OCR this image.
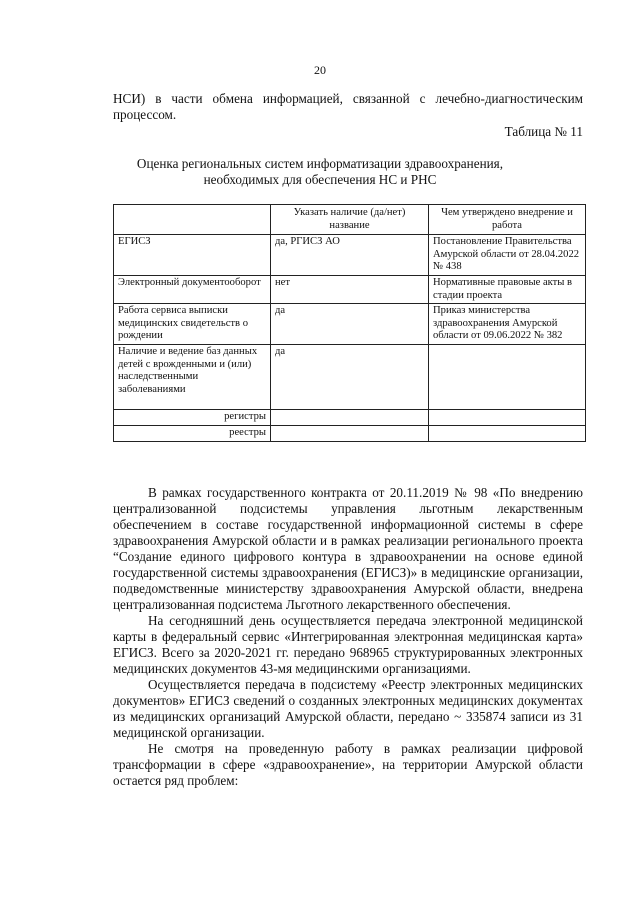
20
НСИ) в части обмена информацией, связанной с лечебно-диагностическим процессом.
Таблица № 11
Оценка региональных систем информатизации здравоохранения,
необходимых для обеспечения НС и РНС
	Указать наличие (да/нет) название	Чем утверждено внедрение и работа
ЕГИСЗ	да, РГИСЗ АО	Постановление Правительства Амурской области от 28.04.2022 № 438
Электронный документооборот	нет	Нормативные правовые акты в стадии проекта
Работа сервиса выписки медицинских свидетельств о рождении	да	Приказ министерства здравоохранения Амурской области от 09.06.2022 № 382
Наличие и ведение баз данных детей с врожденными и (или) наследственными заболеваниями	да	
регистры		
реестры		

В рамках государственного контракта от 20.11.2019 № 98 «По внедрению централизованной подсистемы управления льготным лекарственным обеспечением в составе государственной информационной системы в сфере здравоохранения Амурской области и в рамках реализации регионального проекта “Создание единого цифрового контура в здравоохранении на основе единой государственной системы здравоохранения (ЕГИСЗ)» в медицинские организации, подведомственные министерству здравоохранения Амурской области, внедрена централизованная подсистема Льготного лекарственного обеспечения.

На сегодняшний день осуществляется передача электронной медицинской карты в федеральный сервис «Интегрированная электронная медицинская карта» ЕГИСЗ. Всего за 2020-2021 гг. передано 968965 структурированных электронных медицинских документов 43-мя медицинскими организациями.

Осуществляется передача в подсистему «Реестр электронных медицинских документов» ЕГИСЗ сведений о созданных электронных медицинских документах из медицинских организаций Амурской области, передано ~ 335874 записи из 31 медицинской организации.

Не смотря на проведенную работу в рамках реализации цифровой трансформации в сфере «здравоохранение», на территории Амурской области остается ряд проблем:
